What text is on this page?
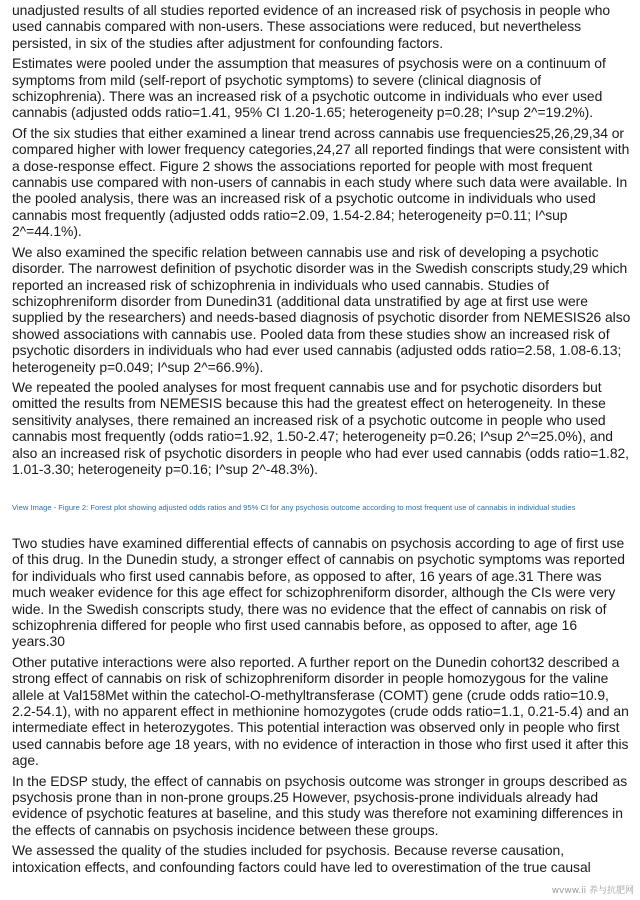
unadjusted results of all studies reported evidence of an increased risk of psychosis in people who used cannabis compared with non-users. These associations were reduced, but nevertheless persisted, in six of the studies after adjustment for confounding factors.

Estimates were pooled under the assumption that measures of psychosis were on a continuum of symptoms from mild (self-report of psychotic symptoms) to severe (clinical diagnosis of schizophrenia). There was an increased risk of a psychotic outcome in individuals who ever used cannabis (adjusted odds ratio=1.41, 95% CI 1.20-1.65; heterogeneity p=0.28; I^sup 2^=19.2%).

Of the six studies that either examined a linear trend across cannabis use frequencies25,26,29,34 or compared higher with lower frequency categories,24,27 all reported findings that were consistent with a dose-response effect. Figure 2 shows the associations reported for people with most frequent cannabis use compared with non-users of cannabis in each study where such data were available. In the pooled analysis, there was an increased risk of a psychotic outcome in individuals who used cannabis most frequently (adjusted odds ratio=2.09, 1.54-2.84; heterogeneity p=0.11; I^sup 2^=44.1%).

We also examined the specific relation between cannabis use and risk of developing a psychotic disorder. The narrowest definition of psychotic disorder was in the Swedish conscripts study,29 which reported an increased risk of schizophrenia in individuals who used cannabis. Studies of schizophreniform disorder from Dunedin31 (additional data unstratified by age at first use were supplied by the researchers) and needs-based diagnosis of psychotic disorder from NEMESIS26 also showed associations with cannabis use. Pooled data from these studies show an increased risk of psychotic disorders in individuals who had ever used cannabis (adjusted odds ratio=2.58, 1.08-6.13; heterogeneity p=0.049; I^sup 2^=66.9%).

We repeated the pooled analyses for most frequent cannabis use and for psychotic disorders but omitted the results from NEMESIS because this had the greatest effect on heterogeneity. In these sensitivity analyses, there remained an increased risk of a psychotic outcome in people who used cannabis most frequently (odds ratio=1.92, 1.50-2.47; heterogeneity p=0.26; I^sup 2^=25.0%), and also an increased risk of psychotic disorders in people who had ever used cannabis (odds ratio=1.82, 1.01-3.30; heterogeneity p=0.16; I^sup 2^-48.3%).

View Image - Figure 2: Forest plot showing adjusted odds ratios and 95% CI for any psychosis outcome according to most frequent use of cannabis in individual studies

Two studies have examined differential effects of cannabis on psychosis according to age of first use of this drug. In the Dunedin study, a stronger effect of cannabis on psychotic symptoms was reported for individuals who first used cannabis before, as opposed to after, 16 years of age.31 There was much weaker evidence for this age effect for schizophreniform disorder, although the CIs were very wide. In the Swedish conscripts study, there was no evidence that the effect of cannabis on risk of schizophrenia differed for people who first used cannabis before, as opposed to after, age 16 years.30

Other putative interactions were also reported. A further report on the Dunedin cohort32 described a strong effect of cannabis on risk of schizophreniform disorder in people homozygous for the valine allele at Val158Met within the catechol-O-methyltransferase (COMT) gene (crude odds ratio=10.9, 2.2-54.1), with no apparent effect in methionine homozygotes (crude odds ratio=1.1, 0.21-5.4) and an intermediate effect in heterozygotes. This potential interaction was observed only in people who first used cannabis before age 18 years, with no evidence of interaction in those who first used it after this age.

In the EDSP study, the effect of cannabis on psychosis outcome was stronger in groups described as psychosis prone than in non-prone groups.25 However, psychosis-prone individuals already had evidence of psychotic features at baseline, and this study was therefore not examining differences in the effects of cannabis on psychosis incidence between these groups.

We assessed the quality of the studies included for psychosis. Because reverse causation, intoxication effects, and confounding factors could have led to overestimation of the true causal

wvww.ii 养与抗肥网
